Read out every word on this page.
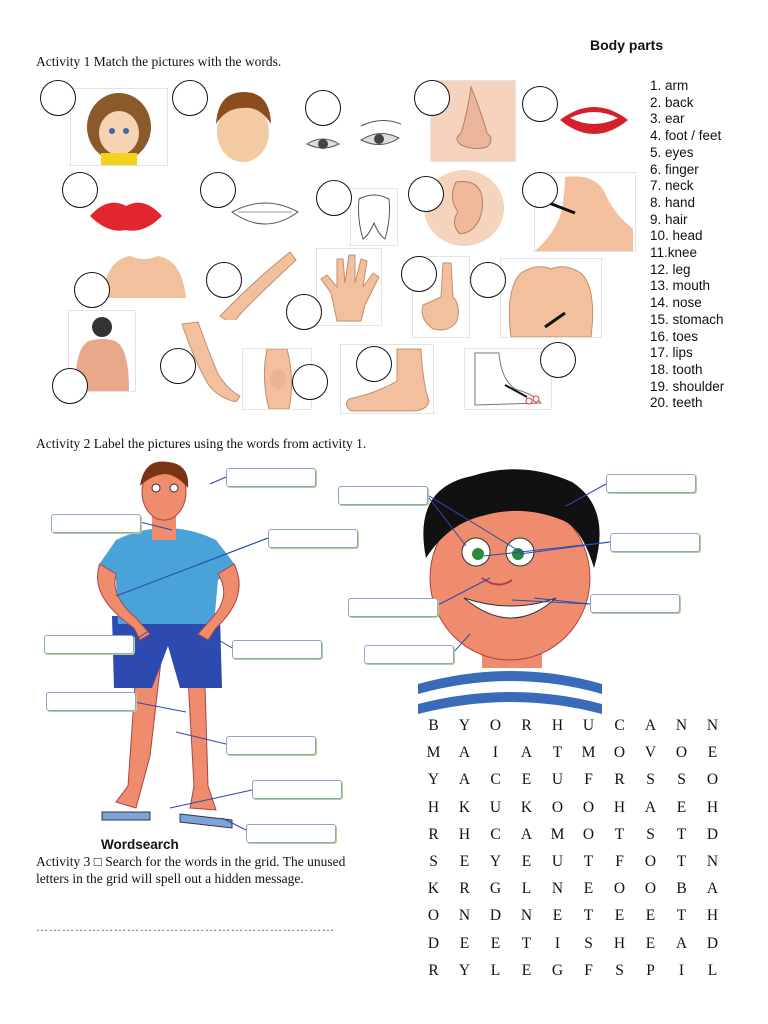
Body parts
Activity 1 Match the pictures with the words.
1. arm
2. back
3. ear
4. foot / feet
5. eyes
6. finger
7. neck
8. hand
9. hair
10. head
11.knee
12. leg
13. mouth
14. nose
15. stomach
16. toes
17. lips
18. tooth
19. shoulder
20. teeth
Activity 2 Label the pictures using the words from activity 1.
Wordsearch
Activity 3 □ Search for the words in the grid. The unused letters in the grid will spell out a hidden message.
……………………………………………………………
B	Y	O	R	H	U	C	A	N	N
M	A	I	A	T	M	O	V	O	E
Y	A	C	E	U	F	R	S	S	O
H	K	U	K	O	O	H	A	E	H
R	H	C	A	M	O	T	S	T	D
S	E	Y	E	U	T	F	O	T	N
K	R	G	L	N	E	O	O	B	A
O	N	D	N	E	T	E	E	T	H
D	E	E	T	I	S	H	E	A	D
R	Y	L	E	G	F	S	P	I	L
